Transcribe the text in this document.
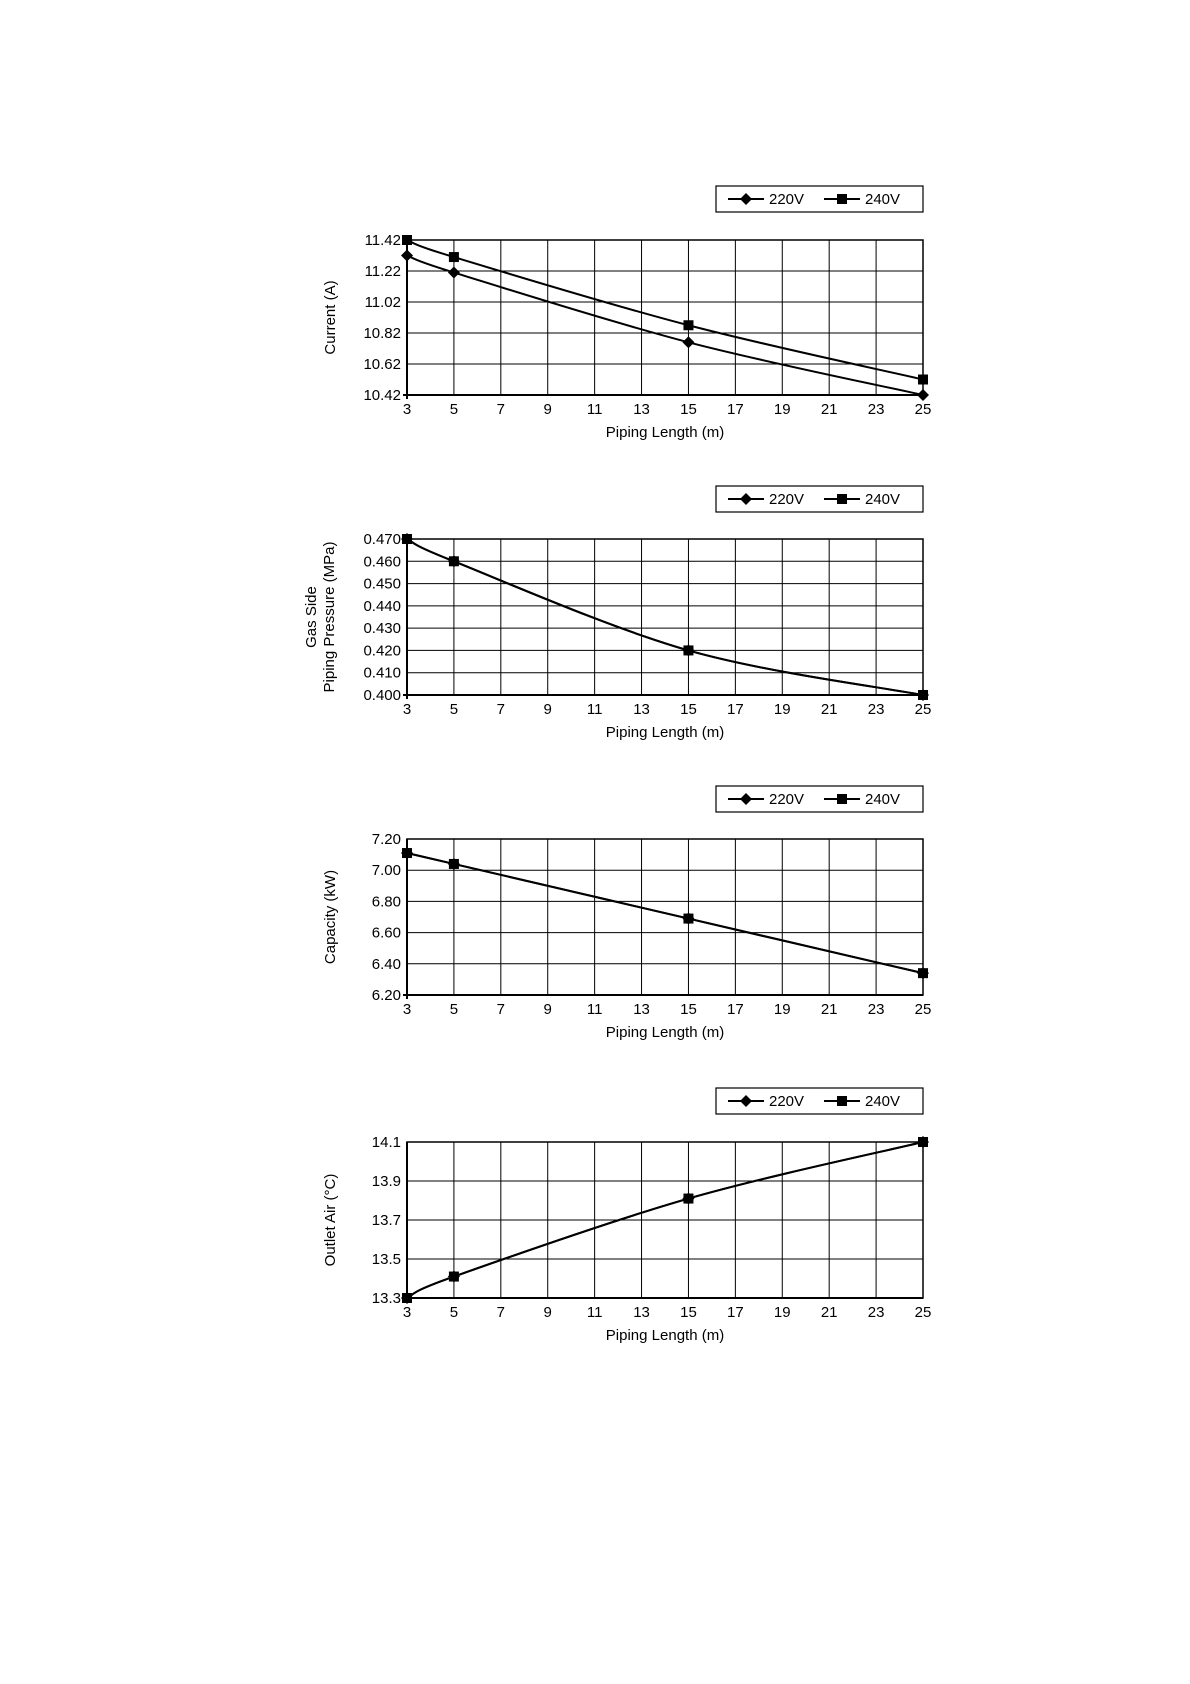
10.42
10.62
10.82
11.02
11.22
11.42
3	5	7	9 11 13 15 17 19 21 23 25
Piping Length (m)
Current (A)
220V	240V
0.400
0.410
0.420
0.430
0.440
0.450
0.460
0.470
3	5	7	9 11 13 15 17 19 21 23 25
Piping Length (m)
Gas Side Piping Pressure (MPa)
220V	240V
6.20
6.40
6.60
6.80
7.00
7.20
3	5	7	9 11 13 15 17 19 21 23 25
Piping Length (m)
Capacity (kW)
220V	240V
13.3
13.5
13.7
13.9
14.1
3	5	7	9 11 13 15 17 19 21 23 25
Piping Length (m)
Outlet Air (°C)
220V	240V
